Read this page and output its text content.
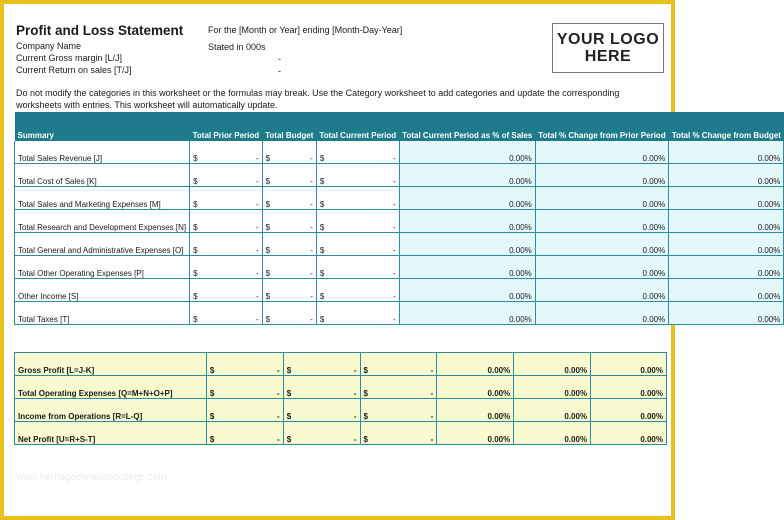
Profit and Loss Statement	For the [Month or Year] ending [Month-Day-Year]
Company Name	Stated in 000s
Current Gross margin [L/J]	-
Current Return on sales [T/J]	-
YOUR LOGO
HERE
Do not modify the categories in this worksheet or the formulas may break. Use the Category worksheet to add categories and update the corresponding worksheets with entries. This worksheet will automatically update.
Summary	Total Prior Period	Total Budget	Total Current Period	Total Current Period as % of Sales	Total % Change from Prior Period	Total % Change from Budget
Total Sales Revenue [J]	$ -	$ -	$ -	0.00%	0.00%	0.00%
Total Cost of Sales [K]	$ -	$ -	$ -	0.00%	0.00%	0.00%
Total Sales and Marketing Expenses [M]	$ -	$ -	$ -	0.00%	0.00%	0.00%
Total Research and Development Expenses [N]	$ -	$ -	$ -	0.00%	0.00%	0.00%
Total General and Administrative Expenses [O]	$ -	$ -	$ -	0.00%	0.00%	0.00%
Total Other Operating Expenses [P]	$ -	$ -	$ -	0.00%	0.00%	0.00%
Other Income [S]	$ -	$ -	$ -	0.00%	0.00%	0.00%
Total Taxes [T]	$ -	$ -	$ -	0.00%	0.00%	0.00%
Gross Profit [L=J-K]	$ -	$ -	$ -	0.00%	0.00%	0.00%
Total Operating Expenses [Q=M+N+O+P]	$ -	$ -	$ -	0.00%	0.00%	0.00%
Income from Operations [R=L-Q]	$ -	$ -	$ -	0.00%	0.00%	0.00%
Net Profit [U=R+S-T]	$ -	$ -	$ -	0.00%	0.00%	0.00%
www.heritagechristiancollege.com
